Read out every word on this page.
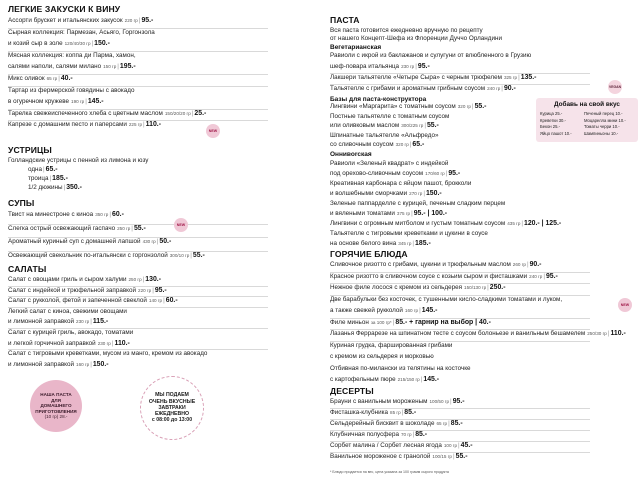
ЛЕГКИЕ ЗАКУСКИ К ВИНУ
Ассорти брускет и итальянских закусок 220 гр|95.-
Сырная коллекция: Пармезан, Асьяго, Горгонзола
и козий сыр в золе 120/40/30 гр|150.-
Мясная коллекция: коппа ди Парма, хамон,
салями наполи, салями милано 150 гр|195.-
Микс оливок 65 гр|40.-
Тартар из фермерской говядины с авокадо
в огуречном кружеве 190 гр|145.-
Тарелка свежеиспеченного хлеба с цветным маслом 150/20/20 гр|25.-
Капрезе с домашним песто и naпeрсами 225 гр|110.-
NEW
УСТРИЦЫ
Голландские устрицы с пенной из лимона и юзу
одна|65.-
троица|185.-
1/2 дюжины|350.-
СУПЫ
Твист на минестроне с киноа 350 гр|60.-
Слегка острый освежающий гаспачо 250 гр|55.-
Ароматный куриный суп с домашней лапшой 430 гр|50.-
Освежающий свекольник по-итальянски с горгонзолой 300/10 гр|55.-
NEW
САЛАТЫ
Салат с овощами гриль и сыром халуми 250 гр|130.-
Салат с индейкой и трюфельной заправкой 220 гр|95.-
Салат с рукколой, фетой и запеченной свеклой 140 гр|60.-
Легкий салат с киноа, свежими овощами
и лимонной заправкой 230 гр|115.-
Салат с курицей гриль, авокадо, томатами
и легкой горчичной заправкой 230 гр|110.-
Салат с тигровыми креветками, мусом из манго, кремом из авокадо
и лимонной заправкой 160 гр|150.-
НАША ПАСТА
ДЛЯ
ДОМАШНЕГО
ПРИГОТОВЛЕНИЯ
(10 гр) 28.-
МЫ ПОДАЕМ
ОЧЕНЬ ВКУСНЫЕ
ЗАВТРАКИ
ЕЖЕДНЕВНО
с 08:00 до 13:00
ПАСТА
Вся паста готовится ежедневно вручную по рецепту
от нашего Концепт-Шефа из Флоренции Дуччо Орландини
Вегетарианская
Равиоли с икрой из баклажанов и сулугуни от влюбленного в Грузию
шеф-повара итальянца 230 гр|95.-
Лакшери тальятелле «Четыре Сыра» с черным трюфелем 325 гр|135.-
Тальятелле с грибами и ароматным грибным соусом 240 гр|90.-	VEGAN
Базы для паста-конструктора
Лингвини «Маргарита» с томатным соусом 320 гр|55.-
Постные тальятелле с томатным соусом
или оливковым маслом 300/225 гр|55.-
Шпинатные тальятелле «Альфредо»
со сливочным соусом 320 гр|65.-
Добавь на свой вкус
Курица 25.-
Креветки 30.-
Бекон 25.-
Яйцо пашот 10.-
Печеный перец 10.-
Моцарелла мини 10.-
Томаты черри 10.-
Шампиньоны 10.-
Оннивorская
Равиоли «Зеленый квадрат» с индейкой
под орехово-сливочным соусом 170/60 гр|95.-
Креативная карбонара с яйцом пашот, брокколи
и волшебными сморчками 270 гр|150.-
Зеленые паппарделле с курицей, печеным сладким перцем
и вялеными томатами 375 гр|95.- | 100.-
Лингвини с огромным митболом и густым томатным соусом 435 гр|120.- | 125.-
Тальятелле с тигровыми креветками и цукини в соусе
на основе белого вина 345 гр|185.-
ГОРЯЧИЕ БЛЮДА
Сливочное ризотто с грибами, цукини и трюфельным маслом 260 гр|90.-
Красное ризотто в сливочном соусе с козьим сыром и фисташками 240 гр|95.-
Нежное филе лосося с кремом из сельдерея 150/130 гр|250.-
Две барабульки без косточек, с тушенными кисло-сладкими томатами и луком,
а также свежей рукколой 160 гр|145.-
Филе миньон за 100 гр*|85.- + гарнир на выбор | 40.-
Лазанья Феррарезе на шпинатном тесте с соусом болоньезе и ванильным бешамелем 250/30 гр|110.-
Куриная грудка, фаршированная грибами
с кремом из сельдерея и морковью
Отбивная по-милански из телятины на косточке
с картофельным пюре 215/150 гр|145.-
NEW
ДЕСЕРТЫ
Брауни с ванильным мороженым 100/50 гр|95.-
Фисташка-клубника 85 гр|85.-
Сельдерейный бисквит в шоколаде 65 гр|85.-
Клубничная полусфера 70 гр|85.-
Сорбет малина / Сорбет лесная ягода 100 гр|45.-
Ванильное мороженое с гранолой 100/15 гр|55.-
* Блюдо продается на вес, цена указана за 100 грамм сырого продукта
